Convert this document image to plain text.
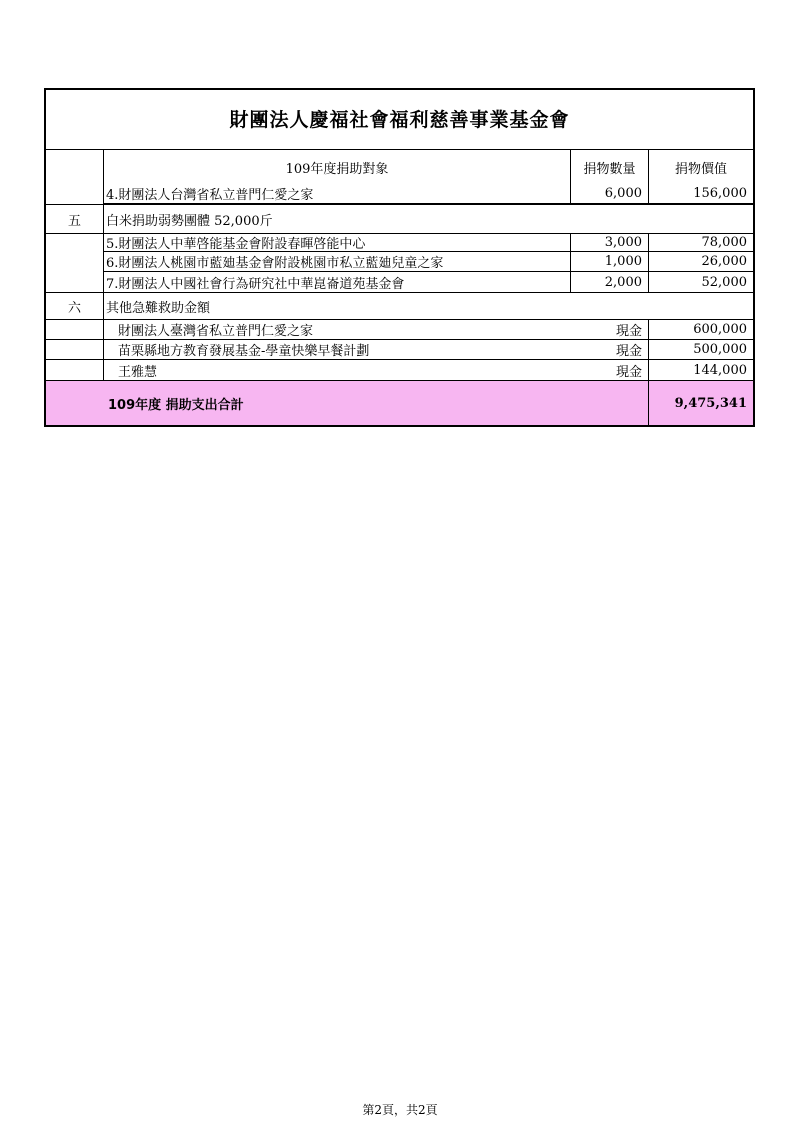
財團法人慶福社會福利慈善事業基金會
109年度捐助對象	捐物數量	捐物價值
4.財團法人台灣省私立普門仁愛之家	6,000	156,000
五	白米捐助弱勢團體 52,000斤
5.財團法人中華啓能基金會附設春暉啓能中心	3,000	78,000
6.財團法人桃園市藍廸基金會附設桃園市私立藍廸兒童之家	1,000	26,000
7.財團法人中國社會行為研究社中華崑崙道苑基金會	2,000	52,000
六	其他急難救助金額
財團法人臺灣省私立普門仁愛之家	現金	600,000
苗栗縣地方教育發展基金-學童快樂早餐計劃	現金	500,000
王雅慧	現金	144,000
109年度 捐助支出合計	9,475,341
第2頁，共2頁
